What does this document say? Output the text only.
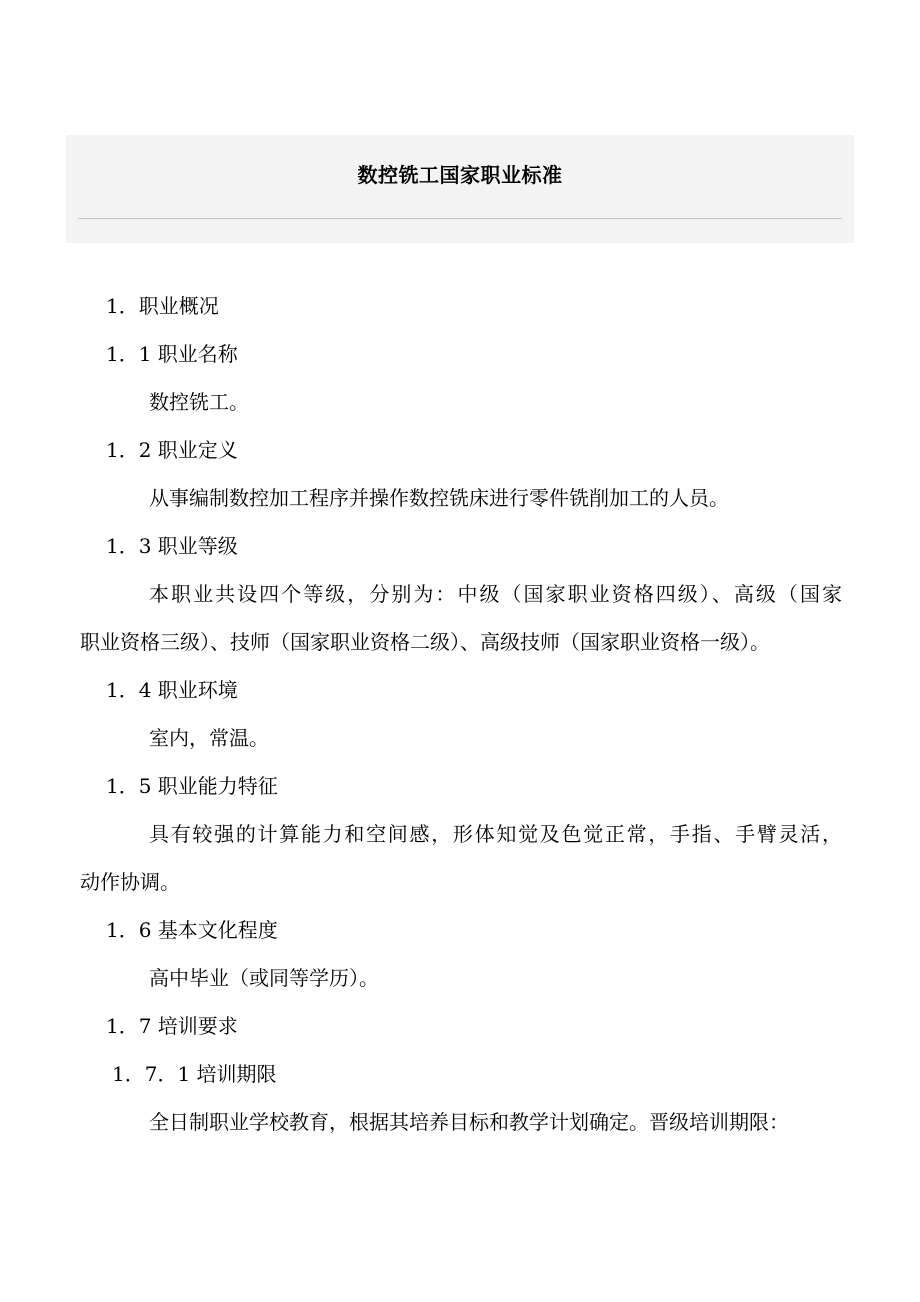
数控铣工国家职业标准
1．职业概况
1．1 职业名称
数控铣工。
1．2 职业定义
从事编制数控加工程序并操作数控铣床进行零件铣削加工的人员。
1．3 职业等级
本职业共设四个等级，分别为：中级（国家职业资格四级）、高级（国家
职业资格三级）、技师（国家职业资格二级）、高级技师（国家职业资格一级）。
1．4 职业环境
室内，常温。
1．5 职业能力特征
具有较强的计算能力和空间感，形体知觉及色觉正常，手指、手臂灵活，
动作协调。
1．6 基本文化程度
高中毕业（或同等学历）。
1．7 培训要求
1．7．1 培训期限
全日制职业学校教育，根据其培养目标和教学计划确定。晋级培训期限：
